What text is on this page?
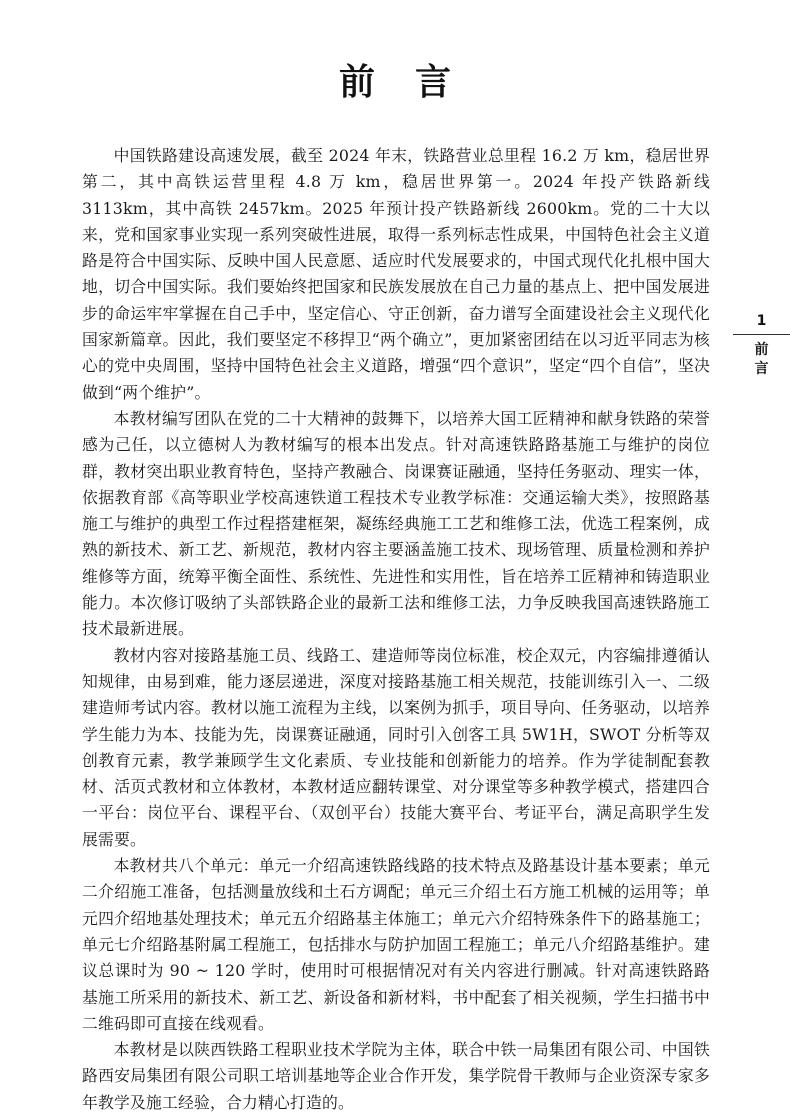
前言

中国铁路建设高速发展，截至 2024 年末，铁路营业总里程 16.2 万 km，稳居世界第二，其中高铁运营里程 4.8 万 km，稳居世界第一。2024 年投产铁路新线 3113km，其中高铁 2457km。2025 年预计投产铁路新线 2600km。党的二十大以来，党和国家事业实现一系列突破性进展，取得一系列标志性成果，中国特色社会主义道路是符合中国实际、反映中国人民意愿、适应时代发展要求的，中国式现代化扎根中国大地，切合中国实际。我们要始终把国家和民族发展放在自己力量的基点上、把中国发展进步的命运牢牢掌握在自己手中，坚定信心、守正创新，奋力谱写全面建设社会主义现代化国家新篇章。因此，我们要坚定不移捍卫“两个确立”，更加紧密团结在以习近平同志为核心的党中央周围，坚持中国特色社会主义道路，增强“四个意识”，坚定“四个自信”，坚决做到“两个维护”。

本教材编写团队在党的二十大精神的鼓舞下，以培养大国工匠精神和献身铁路的荣誉感为己任，以立德树人为教材编写的根本出发点。针对高速铁路路基施工与维护的岗位群，教材突出职业教育特色，坚持产教融合、岗课赛证融通，坚持任务驱动、理实一体，依据教育部《高等职业学校高速铁道工程技术专业教学标准：交通运输大类》，按照路基施工与维护的典型工作过程搭建框架，凝练经典施工工艺和维修工法，优选工程案例，成熟的新技术、新工艺、新规范，教材内容主要涵盖施工技术、现场管理、质量检测和养护维修等方面，统筹平衡全面性、系统性、先进性和实用性，旨在培养工匠精神和铸造职业能力。本次修订吸纳了头部铁路企业的最新工法和维修工法，力争反映我国高速铁路施工技术最新进展。

教材内容对接路基施工员、线路工、建造师等岗位标准，校企双元，内容编排遵循认知规律，由易到难，能力逐层递进，深度对接路基施工相关规范，技能训练引入一、二级建造师考试内容。教材以施工流程为主线，以案例为抓手，项目导向、任务驱动，以培养学生能力为本、技能为先，岗课赛证融通，同时引入创客工具 5W1H，SWOT 分析等双创教育元素，教学兼顾学生文化素质、专业技能和创新能力的培养。作为学徒制配套教材、活页式教材和立体教材，本教材适应翻转课堂、对分课堂等多种教学模式，搭建四合一平台：岗位平台、课程平台、（双创平台）技能大赛平台、考证平台，满足高职学生发展需要。

本教材共八个单元：单元一介绍高速铁路线路的技术特点及路基设计基本要素；单元二介绍施工准备，包括测量放线和土石方调配；单元三介绍土石方施工机械的运用等；单元四介绍地基处理技术；单元五介绍路基主体施工；单元六介绍特殊条件下的路基施工；单元七介绍路基附属工程施工，包括排水与防护加固工程施工；单元八介绍路基维护。建议总课时为 90 ~ 120 学时，使用时可根据情况对有关内容进行删减。针对高速铁路路基施工所采用的新技术、新工艺、新设备和新材料，书中配套了相关视频，学生扫描书中二维码即可直接在线观看。

本教材是以陕西铁路工程职业技术学院为主体，联合中铁一局集团有限公司、中国铁路西安局集团有限公司职工培训基地等企业合作开发，集学院骨干教师与企业资深专家多年教学及施工经验，合力精心打造的。

1
前
言
